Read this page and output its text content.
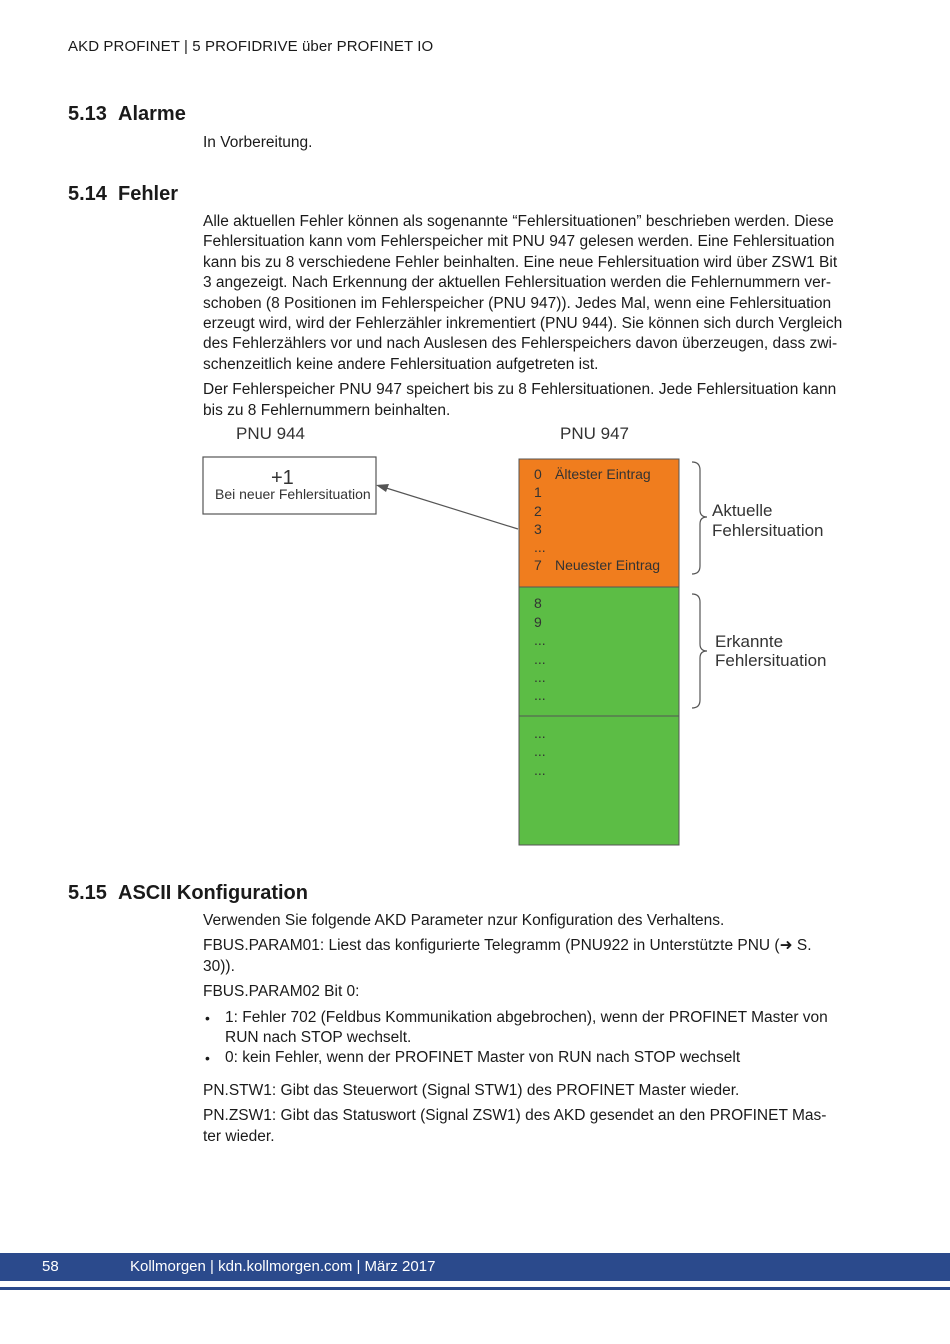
AKD PROFINET | 5 PROFIDRIVE über PROFINET IO
5.13 Alarme

In Vorbereitung.

5.14 Fehler

Alle aktuellen Fehler können als sogenannte “Fehlersituationen” beschrieben werden. Diese
Fehlersituation kann vom Fehlerspeicher mit PNU 947 gelesen werden. Eine Fehlersituation
kann bis zu 8 verschiedene Fehler beinhalten. Eine neue Fehlersituation wird über ZSW1 Bit
3 angezeigt. Nach Erkennung der aktuellen Fehlersituation werden die Fehlernummern ver-
schoben (8 Positionen im Fehlerspeicher (PNU 947)). Jedes Mal, wenn eine Fehlersituation
erzeugt wird, wird der Fehlerzähler inkrementiert (PNU 944). Sie können sich durch Vergleich
des Fehlerzählers vor und nach Auslesen des Fehlerspeichers davon überzeugen, dass zwi-
schenzeitlich keine andere Fehlersituation aufgetreten ist.

Der Fehlerspeicher PNU 947 speichert bis zu 8 Fehlersituationen. Jede Fehlersituation kann
bis zu 8 Fehlernummern beinhalten.

PNU 944	PNU 947
+1
Bei neuer Fehlersituation
0
1
2
3
...
7
Ältester Eintrag
Neuester Eintrag
8
9
...
...
...
...
...
...
...
Aktuelle
Fehlersituation
Erkannte
Fehlersituation
5.15 ASCII Konfiguration

Verwenden Sie folgende AKD Parameter nzur Konfiguration des Verhaltens.

FBUS.PARAM01: Liest das konfigurierte Telegramm (PNU922 in Unterstützte PNU (➜ S.
30)).

FBUS.PARAM02 Bit 0:

• 1: Fehler 702 (Feldbus Kommunikation abgebrochen), wenn der PROFINET Master von
RUN nach STOP wechselt.
• 0: kein Fehler, wenn der PROFINET Master von RUN nach STOP wechselt

PN.STW1: Gibt das Steuerwort (Signal STW1) des PROFINET Master wieder.

PN.ZSW1: Gibt das Statuswort (Signal ZSW1) des AKD gesendet an den PROFINET Mas-
ter wieder.

58	Kollmorgen | kdn.kollmorgen.com | März 2017
